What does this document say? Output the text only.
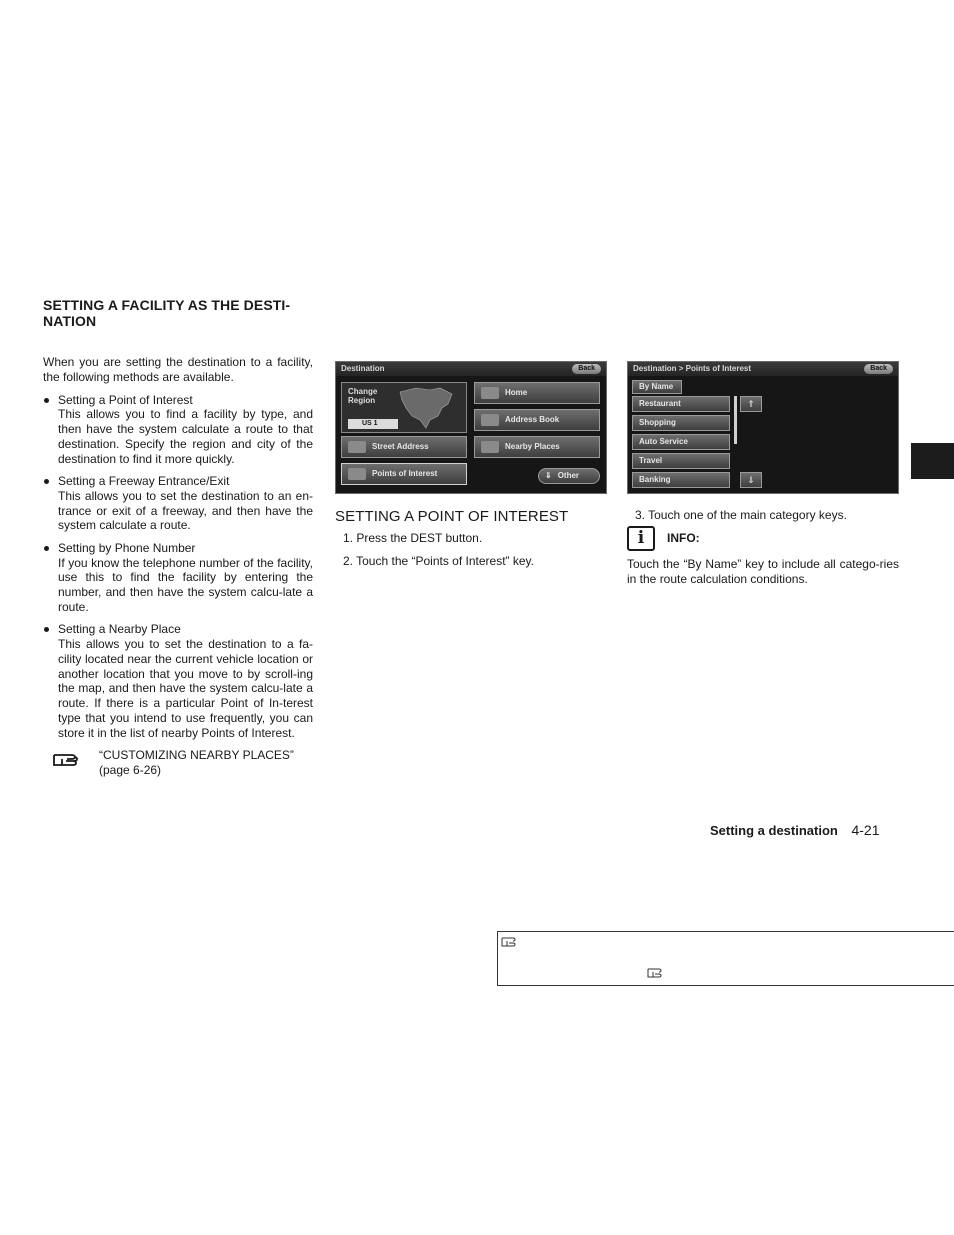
SETTING A FACILITY AS THE DESTI-
NATION

When you are setting the destination to a facility, the following methods are available.

Setting a Point of Interest
This allows you to find a facility by type, and then have the system calculate a route to that destination. Specify the region and city of the destination to find it more quickly.
Setting a Freeway Entrance/Exit
This allows you to set the destination to an en-trance or exit of a freeway, and then have the system calculate a route.
Setting by Phone Number
If you know the telephone number of the facility, use this to find the facility by entering the number, and then have the system calcu-late a route.
Setting a Nearby Place
This allows you to set the destination to a fa-cility located near the current vehicle location or another location that you move to by scroll-ing the map, and then have the system calcu-late a route. If there is a particular Point of In-terest type that you intend to use frequently, you can store it in the list of nearby Points of Interest.
“CUSTOMIZING NEARBY PLACES”
(page 6-26)
Destination	Back
Change
Region
US 1
Home
Address Book
Street Address	Nearby Places
Points of Interest	⇓ Other
SETTING A POINT OF INTEREST
1. Press the DEST button.
2. Touch the “Points of Interest” key.
Destination > Points of Interest	Back
By Name
Restaurant
Shopping
Auto Service
Travel
Banking
⇑
⇓
3. Touch one of the main category keys.
i	INFO:

Touch the “By Name” key to include all catego-ries in the route calculation conditions.

Setting a destination 4-21
